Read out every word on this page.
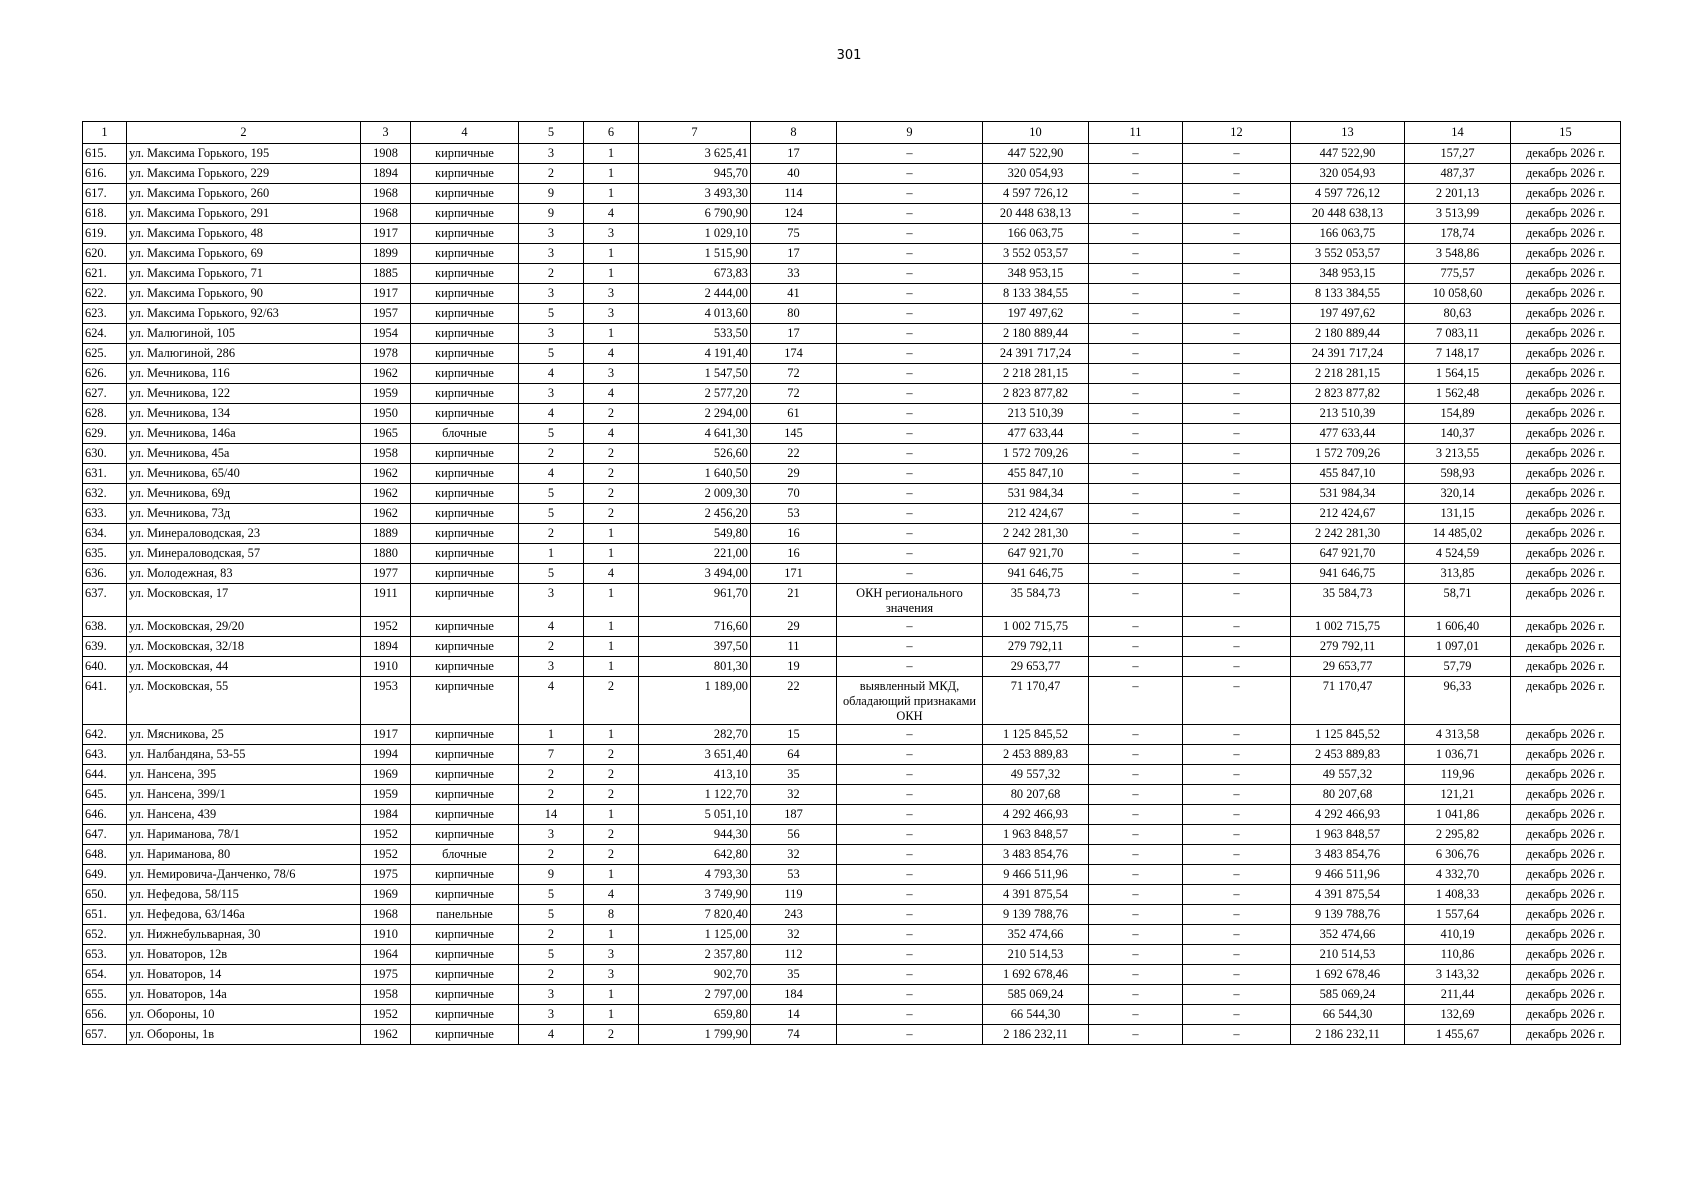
301
1	2	3	4	5	6	7	8	9	10	11	12	13	14	15
615.	ул. Максима Горького, 195	1908	кирпичные	3	1	3 625,41	17	–	447 522,90	–	–	447 522,90	157,27	декабрь 2026 г.
616.	ул. Максима Горького, 229	1894	кирпичные	2	1	945,70	40	–	320 054,93	–	–	320 054,93	487,37	декабрь 2026 г.
617.	ул. Максима Горького, 260	1968	кирпичные	9	1	3 493,30	114	–	4 597 726,12	–	–	4 597 726,12	2 201,13	декабрь 2026 г.
618.	ул. Максима Горького, 291	1968	кирпичные	9	4	6 790,90	124	–	20 448 638,13	–	–	20 448 638,13	3 513,99	декабрь 2026 г.
619.	ул. Максима Горького, 48	1917	кирпичные	3	3	1 029,10	75	–	166 063,75	–	–	166 063,75	178,74	декабрь 2026 г.
620.	ул. Максима Горького, 69	1899	кирпичные	3	1	1 515,90	17	–	3 552 053,57	–	–	3 552 053,57	3 548,86	декабрь 2026 г.
621.	ул. Максима Горького, 71	1885	кирпичные	2	1	673,83	33	–	348 953,15	–	–	348 953,15	775,57	декабрь 2026 г.
622.	ул. Максима Горького, 90	1917	кирпичные	3	3	2 444,00	41	–	8 133 384,55	–	–	8 133 384,55	10 058,60	декабрь 2026 г.
623.	ул. Максима Горького, 92/63	1957	кирпичные	5	3	4 013,60	80	–	197 497,62	–	–	197 497,62	80,63	декабрь 2026 г.
624.	ул. Малюгиной, 105	1954	кирпичные	3	1	533,50	17	–	2 180 889,44	–	–	2 180 889,44	7 083,11	декабрь 2026 г.
625.	ул. Малюгиной, 286	1978	кирпичные	5	4	4 191,40	174	–	24 391 717,24	–	–	24 391 717,24	7 148,17	декабрь 2026 г.
626.	ул. Мечникова, 116	1962	кирпичные	4	3	1 547,50	72	–	2 218 281,15	–	–	2 218 281,15	1 564,15	декабрь 2026 г.
627.	ул. Мечникова, 122	1959	кирпичные	3	4	2 577,20	72	–	2 823 877,82	–	–	2 823 877,82	1 562,48	декабрь 2026 г.
628.	ул. Мечникова, 134	1950	кирпичные	4	2	2 294,00	61	–	213 510,39	–	–	213 510,39	154,89	декабрь 2026 г.
629.	ул. Мечникова, 146а	1965	блочные	5	4	4 641,30	145	–	477 633,44	–	–	477 633,44	140,37	декабрь 2026 г.
630.	ул. Мечникова, 45а	1958	кирпичные	2	2	526,60	22	–	1 572 709,26	–	–	1 572 709,26	3 213,55	декабрь 2026 г.
631.	ул. Мечникова, 65/40	1962	кирпичные	4	2	1 640,50	29	–	455 847,10	–	–	455 847,10	598,93	декабрь 2026 г.
632.	ул. Мечникова, 69д	1962	кирпичные	5	2	2 009,30	70	–	531 984,34	–	–	531 984,34	320,14	декабрь 2026 г.
633.	ул. Мечникова, 73д	1962	кирпичные	5	2	2 456,20	53	–	212 424,67	–	–	212 424,67	131,15	декабрь 2026 г.
634.	ул. Минераловодская, 23	1889	кирпичные	2	1	549,80	16	–	2 242 281,30	–	–	2 242 281,30	14 485,02	декабрь 2026 г.
635.	ул. Минераловодская, 57	1880	кирпичные	1	1	221,00	16	–	647 921,70	–	–	647 921,70	4 524,59	декабрь 2026 г.
636.	ул. Молодежная, 83	1977	кирпичные	5	4	3 494,00	171	–	941 646,75	–	–	941 646,75	313,85	декабрь 2026 г.
637.	ул. Московская, 17	1911	кирпичные	3	1	961,70	21	ОКН регионального значения	35 584,73	–	–	35 584,73	58,71	декабрь 2026 г.
638.	ул. Московская, 29/20	1952	кирпичные	4	1	716,60	29	–	1 002 715,75	–	–	1 002 715,75	1 606,40	декабрь 2026 г.
639.	ул. Московская, 32/18	1894	кирпичные	2	1	397,50	11	–	279 792,11	–	–	279 792,11	1 097,01	декабрь 2026 г.
640.	ул. Московская, 44	1910	кирпичные	3	1	801,30	19	–	29 653,77	–	–	29 653,77	57,79	декабрь 2026 г.
641.	ул. Московская, 55	1953	кирпичные	4	2	1 189,00	22	выявленный МКД, обладающий признаками ОКН	71 170,47	–	–	71 170,47	96,33	декабрь 2026 г.
642.	ул. Мясникова, 25	1917	кирпичные	1	1	282,70	15	–	1 125 845,52	–	–	1 125 845,52	4 313,58	декабрь 2026 г.
643.	ул. Налбандяна, 53-55	1994	кирпичные	7	2	3 651,40	64	–	2 453 889,83	–	–	2 453 889,83	1 036,71	декабрь 2026 г.
644.	ул. Нансена, 395	1969	кирпичные	2	2	413,10	35	–	49 557,32	–	–	49 557,32	119,96	декабрь 2026 г.
645.	ул. Нансена, 399/1	1959	кирпичные	2	2	1 122,70	32	–	80 207,68	–	–	80 207,68	121,21	декабрь 2026 г.
646.	ул. Нансена, 439	1984	кирпичные	14	1	5 051,10	187	–	4 292 466,93	–	–	4 292 466,93	1 041,86	декабрь 2026 г.
647.	ул. Нариманова, 78/1	1952	кирпичные	3	2	944,30	56	–	1 963 848,57	–	–	1 963 848,57	2 295,82	декабрь 2026 г.
648.	ул. Нариманова, 80	1952	блочные	2	2	642,80	32	–	3 483 854,76	–	–	3 483 854,76	6 306,76	декабрь 2026 г.
649.	ул. Немировича-Данченко, 78/6	1975	кирпичные	9	1	4 793,30	53	–	9 466 511,96	–	–	9 466 511,96	4 332,70	декабрь 2026 г.
650.	ул. Нефедова, 58/115	1969	кирпичные	5	4	3 749,90	119	–	4 391 875,54	–	–	4 391 875,54	1 408,33	декабрь 2026 г.
651.	ул. Нефедова, 63/146а	1968	панельные	5	8	7 820,40	243	–	9 139 788,76	–	–	9 139 788,76	1 557,64	декабрь 2026 г.
652.	ул. Нижнебульварная, 30	1910	кирпичные	2	1	1 125,00	32	–	352 474,66	–	–	352 474,66	410,19	декабрь 2026 г.
653.	ул. Новаторов, 12в	1964	кирпичные	5	3	2 357,80	112	–	210 514,53	–	–	210 514,53	110,86	декабрь 2026 г.
654.	ул. Новаторов, 14	1975	кирпичные	2	3	902,70	35	–	1 692 678,46	–	–	1 692 678,46	3 143,32	декабрь 2026 г.
655.	ул. Новаторов, 14а	1958	кирпичные	3	1	2 797,00	184	–	585 069,24	–	–	585 069,24	211,44	декабрь 2026 г.
656.	ул. Обороны, 10	1952	кирпичные	3	1	659,80	14	–	66 544,30	–	–	66 544,30	132,69	декабрь 2026 г.
657.	ул. Обороны, 1в	1962	кирпичные	4	2	1 799,90	74	–	2 186 232,11	–	–	2 186 232,11	1 455,67	декабрь 2026 г.
